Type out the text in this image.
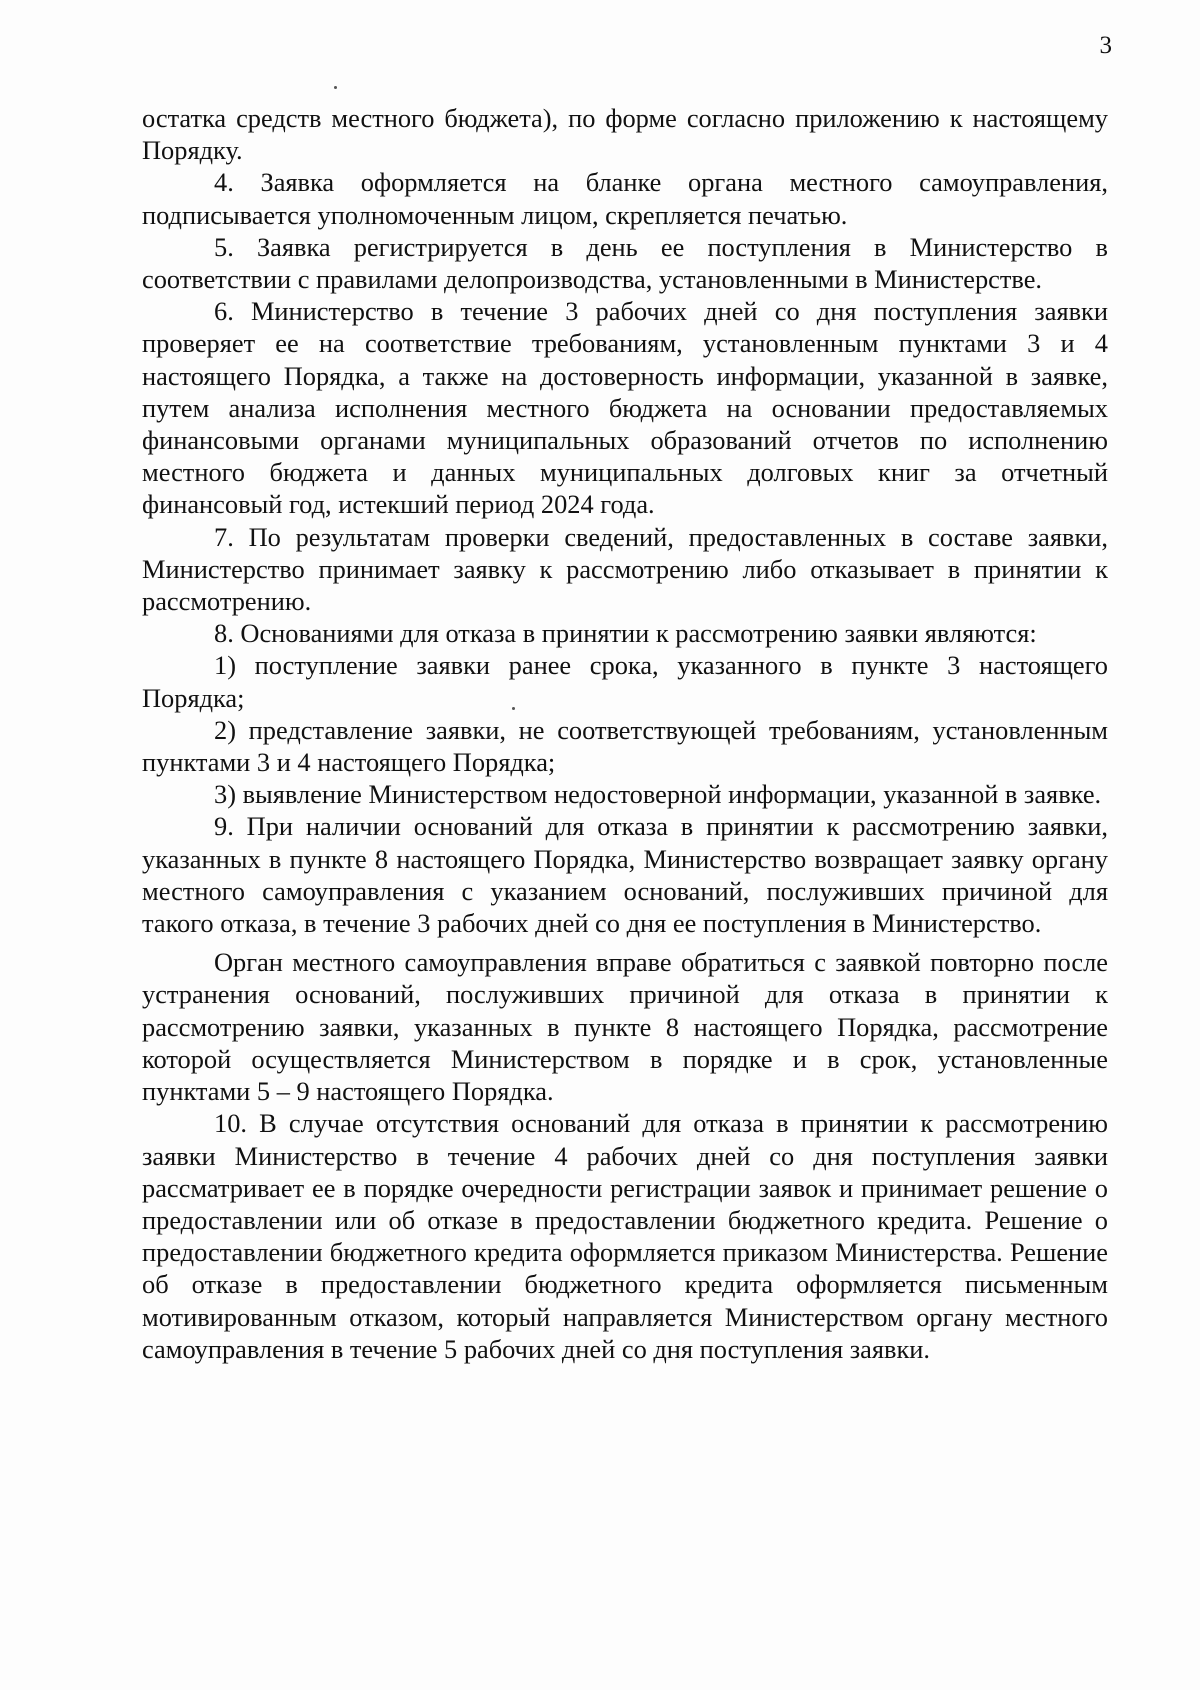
3

остатка средств местного бюджета), по форме согласно приложению к настоящему Порядку.

4. Заявка оформляется на бланке органа местного самоуправления, подписывается уполномоченным лицом, скрепляется печатью.

5. Заявка регистрируется в день ее поступления в Министерство в соответствии с правилами делопроизводства, установленными в Министерстве.

6. Министерство в течение 3 рабочих дней со дня поступления заявки проверяет ее на соответствие требованиям, установленным пунктами 3 и 4 настоящего Порядка, а также на достоверность информации, указанной в заявке, путем анализа исполнения местного бюджета на основании предоставляемых финансовыми органами муниципальных образований отчетов по исполнению местного бюджета и данных муниципальных долговых книг за отчетный финансовый год, истекший период 2024 года.

7. По результатам проверки сведений, предоставленных в составе заявки, Министерство принимает заявку к рассмотрению либо отказывает в принятии к рассмотрению.

8. Основаниями для отказа в принятии к рассмотрению заявки являются:

1) поступление заявки ранее срока, указанного в пункте 3 настоящего Порядка;

2) представление заявки, не соответствующей требованиям, установленным пунктами 3 и 4 настоящего Порядка;

3) выявление Министерством недостоверной информации, указанной в заявке.

9. При наличии оснований для отказа в принятии к рассмотрению заявки, указанных в пункте 8 настоящего Порядка, Министерство возвращает заявку органу местного самоуправления с указанием оснований, послуживших причиной для такого отказа, в течение 3 рабочих дней со дня ее поступления в Министерство.

Орган местного самоуправления вправе обратиться с заявкой повторно после устранения оснований, послуживших причиной для отказа в принятии к рассмотрению заявки, указанных в пункте 8 настоящего Порядка, рассмотрение которой осуществляется Министерством в порядке и в срок, установленные пунктами 5 – 9 настоящего Порядка.

10. В случае отсутствия оснований для отказа в принятии к рассмотрению заявки Министерство в течение 4 рабочих дней со дня поступления заявки рассматривает ее в порядке очередности регистрации заявок и принимает решение о предоставлении или об отказе в предоставлении бюджетного кредита. Решение о предоставлении бюджетного кредита оформляется приказом Министерства. Решение об отказе в предоставлении бюджетного кредита оформляется письменным мотивированным отказом, который направляется Министерством органу местного самоуправления в течение 5 рабочих дней со дня поступления заявки.
